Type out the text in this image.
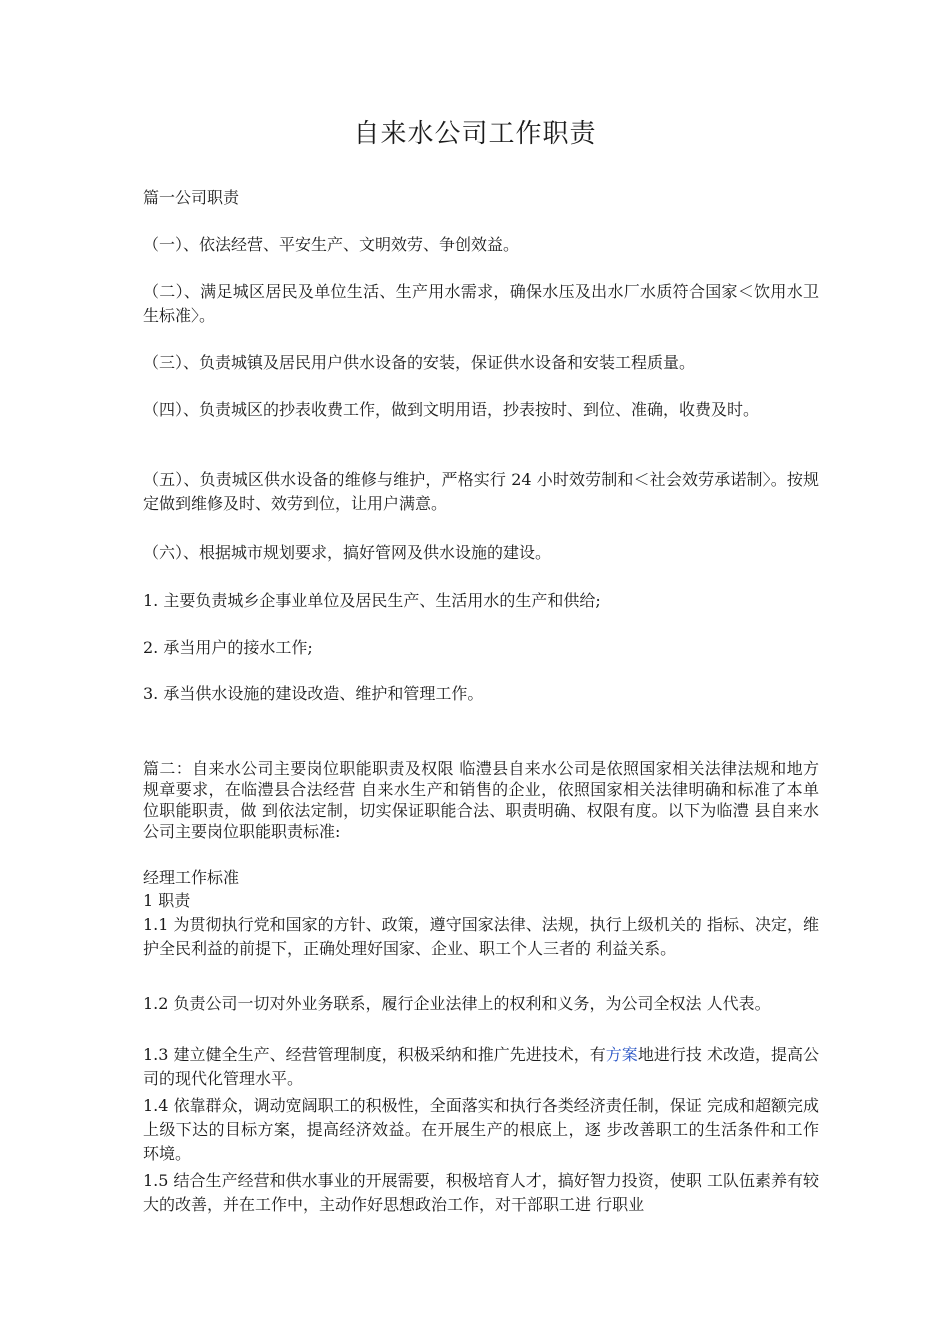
自来水公司工作职责
篇一公司职责
（一）、依法经营、平安生产、文明效劳、争创效益。
（二）、满足城区居民及单位生活、生产用水需求，确保水压及出水厂水质符合国家＜饮用水卫生标准〉。
（三）、负责城镇及居民用户供水设备的安装，保证供水设备和安装工程质量。
（四）、负责城区的抄表收费工作，做到文明用语，抄表按时、到位、准确，收费及时。
（五）、负责城区供水设备的维修与维护，严格实行 24 小时效劳制和＜社会效劳承诺制〉。按规定做到维修及时、效劳到位，让用户满意。
（六）、根据城市规划要求，搞好管网及供水设施的建设。
1. 主要负责城乡企事业单位及居民生产、生活用水的生产和供给;
2. 承当用户的接水工作;
3. 承当供水设施的建设改造、维护和管理工作。
篇二：自来水公司主要岗位职能职责及权限 临澧县自来水公司是依照国家相关法律法规和地方规章要求，在临澧县合法经营 自来水生产和销售的企业，依照国家相关法律明确和标准了本单位职能职责，做 到依法定制，切实保证职能合法、职责明确、权限有度。以下为临澧 县自来水公司主要岗位职能职责标准:
经理工作标准
1 职责
1.1 为贯彻执行党和国家的方针、政策，遵守国家法律、法规，执行上级机关的 指标、决定，维护全民利益的前提下，正确处理好国家、企业、职工个人三者的 利益关系。
1.2 负责公司一切对外业务联系，履行企业法律上的权利和义务，为公司全权法 人代表。
1.3 建立健全生产、经营管理制度，积极采纳和推广先进技术，有方案地进行技 术改造，提高公司的现代化管理水平。
1.4 依靠群众，调动宽阔职工的积极性，全面落实和执行各类经济责任制，保证 完成和超额完成上级下达的目标方案，提高经济效益。在开展生产的根底上，逐 步改善职工的生活条件和工作环境。
1.5 结合生产经营和供水事业的开展需要，积极培育人才，搞好智力投资，使职 工队伍素养有较大的改善，并在工作中，主动作好思想政治工作，对干部职工进 行职业
